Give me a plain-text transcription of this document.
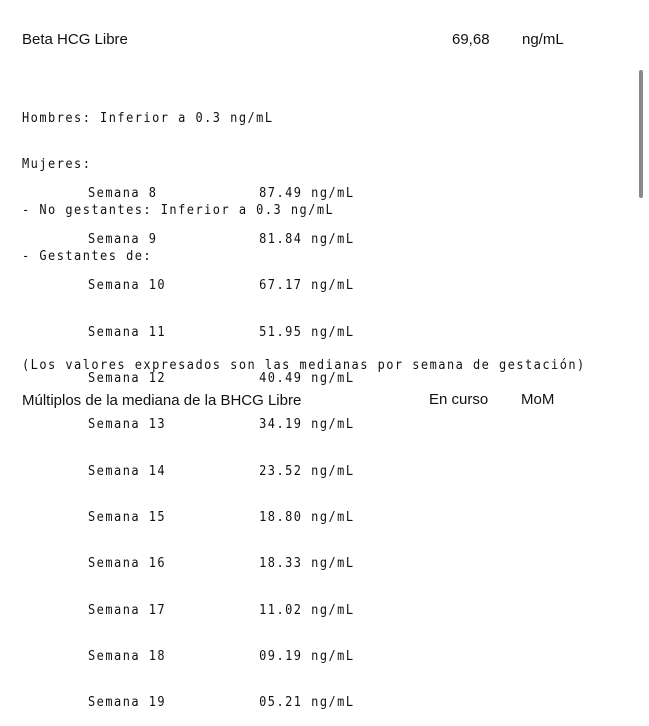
Beta HCG Libre	69,68 ng/mL

Hombres: Inferior a 0.3 ng/mL

Mujeres:

- No gestantes: Inferior a 0.3 ng/mL

- Gestantes de:

Semana 8	87.49 ng/mL

Semana 9	81.84 ng/mL

Semana 10	67.17 ng/mL

Semana 11	51.95 ng/mL

Semana 12	40.49 ng/mL

Semana 13	34.19 ng/mL

Semana 14	23.52 ng/mL

Semana 15	18.80 ng/mL

Semana 16	18.33 ng/mL

Semana 17	11.02 ng/mL

Semana 18	09.19 ng/mL

Semana 19	05.21 ng/mL

(Los valores expresados son las medianas por semana de gestación)
Múltiplos de la mediana de la BHCG Libre	En curso MoM
